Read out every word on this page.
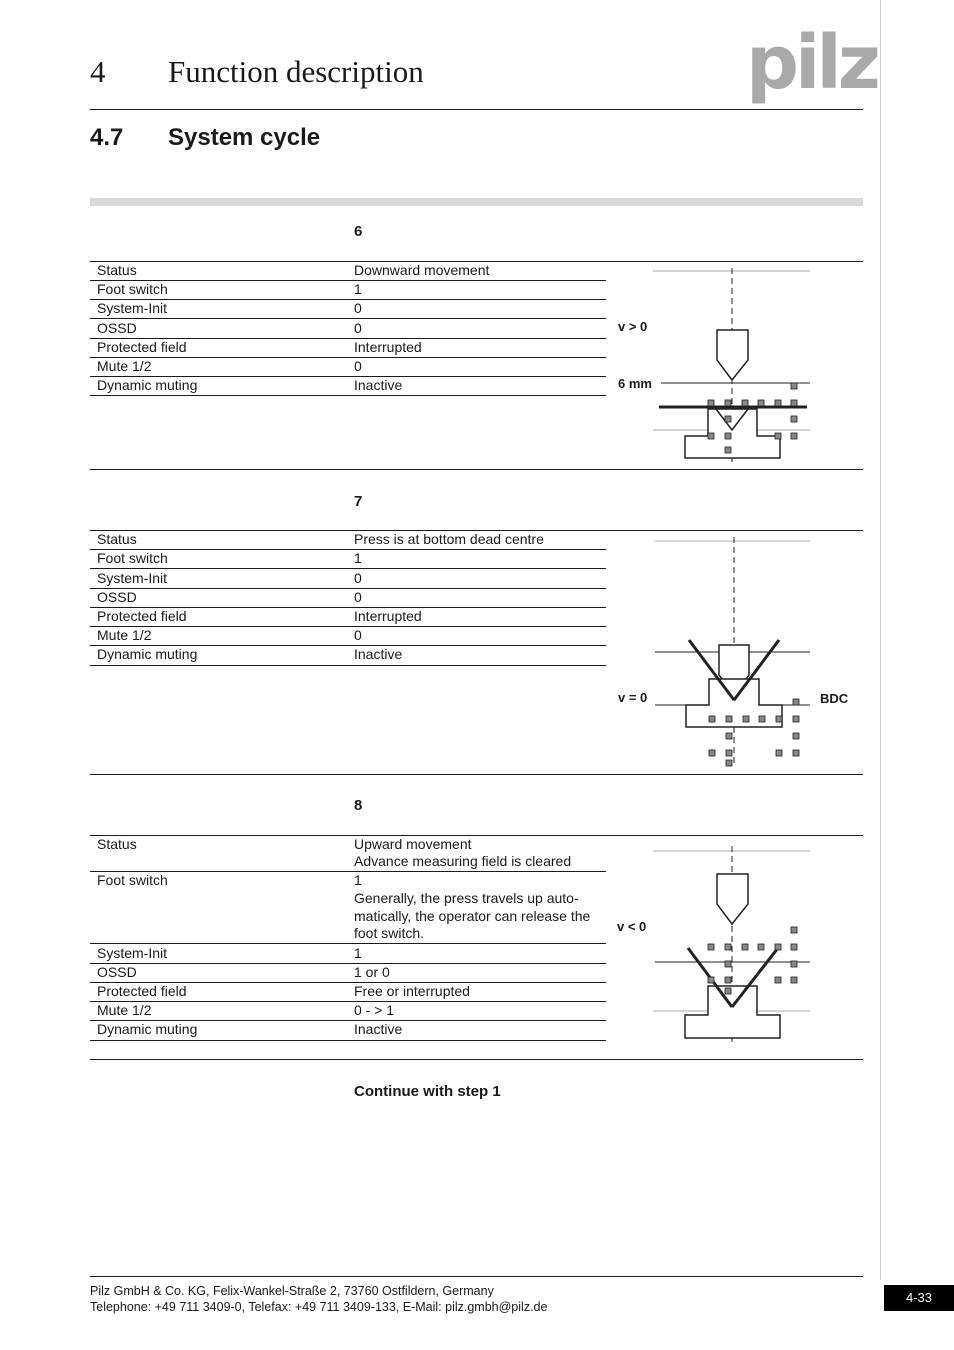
4 Function description	pilz
4.7 System cycle
6
Status	Downward movement
Foot switch	1
System-Init	0
OSSD	0
Protected field	Interrupted
Mute 1/2	0
Dynamic muting	Inactive
v > 0
6 mm
7
Status	Press is at bottom dead centre
Foot switch	1
System-Init	0
OSSD	0
Protected field	Interrupted
Mute 1/2	0
Dynamic muting	Inactive
v = 0	BDC
8
Status	Upward movement
Advance measuring field is cleared
Foot switch	1
Generally, the press travels up auto-
matically, the operator can release the
foot switch.
System-Init	1
OSSD	1 or 0
Protected field	Free or interrupted
Mute 1/2	0 - > 1
Dynamic muting	Inactive
v < 0
Continue with step 1
Pilz GmbH & Co. KG, Felix-Wankel-Straße 2, 73760 Ostfildern, Germany
Telephone: +49 711 3409-0, Telefax: +49 711 3409-133, E-Mail: pilz.gmbh@pilz.de
4-33
